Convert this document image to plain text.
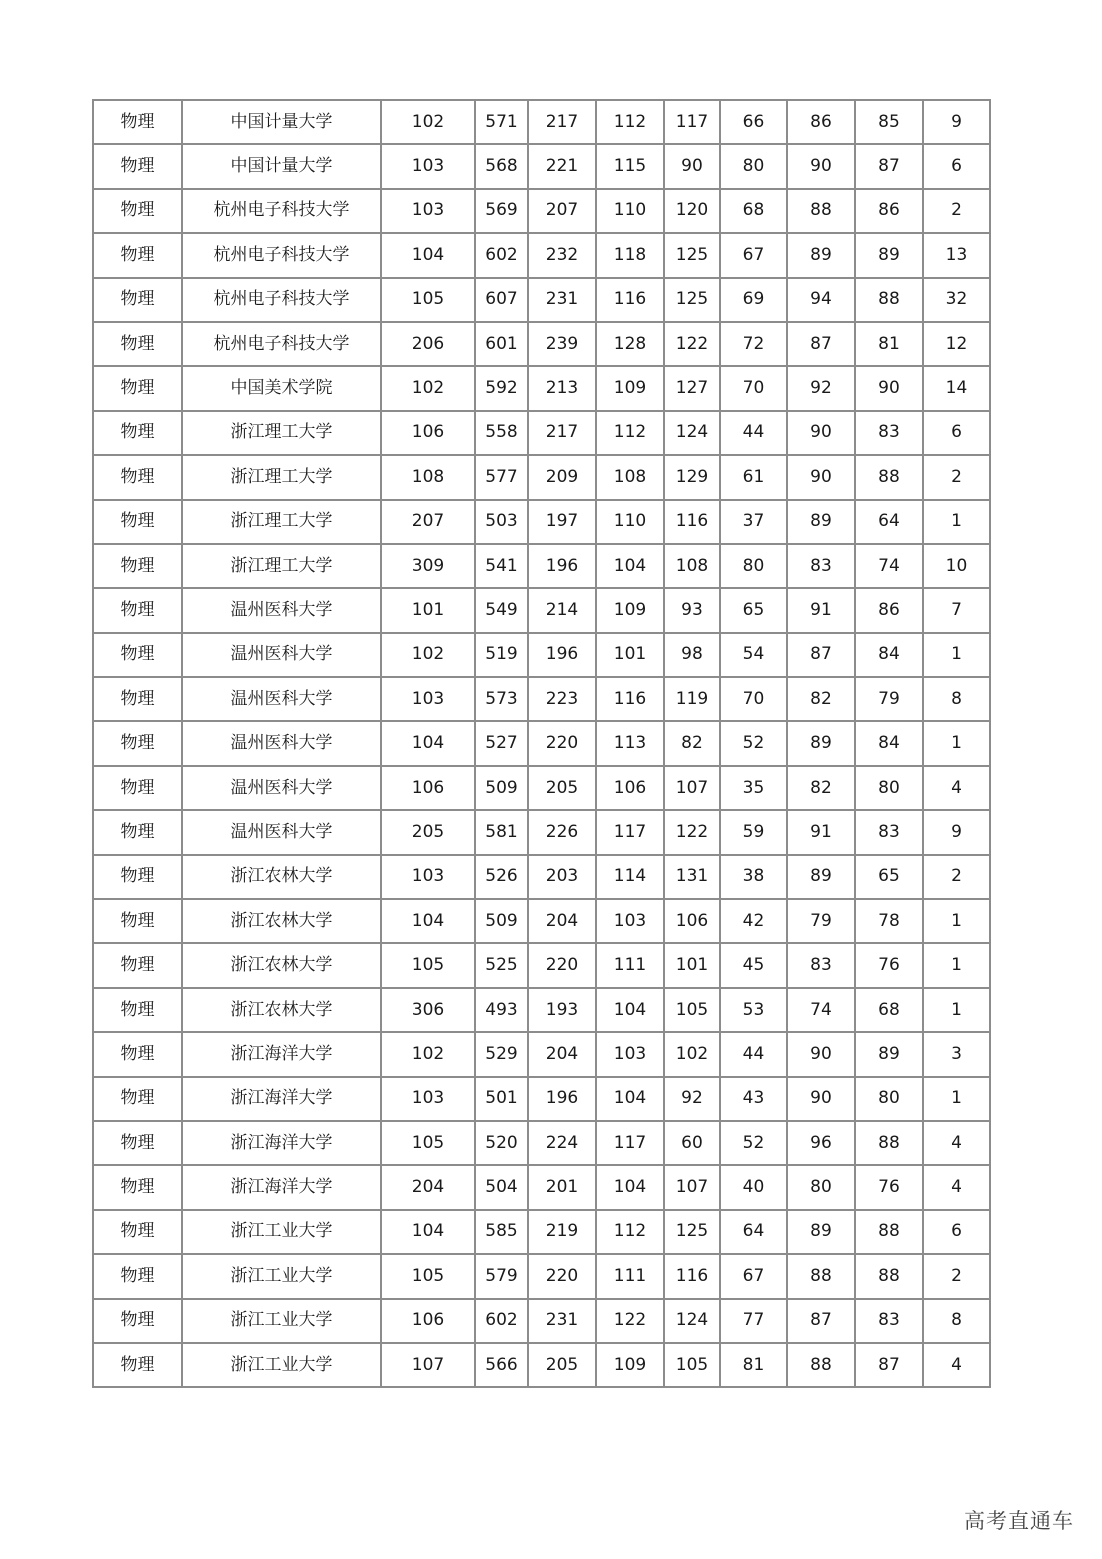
物理	中国计量大学	102	571	217	112	117	66	86	85	9
物理	中国计量大学	103	568	221	115	90	80	90	87	6
物理	杭州电子科技大学	103	569	207	110	120	68	88	86	2
物理	杭州电子科技大学	104	602	232	118	125	67	89	89	13
物理	杭州电子科技大学	105	607	231	116	125	69	94	88	32
物理	杭州电子科技大学	206	601	239	128	122	72	87	81	12
物理	中国美术学院	102	592	213	109	127	70	92	90	14
物理	浙江理工大学	106	558	217	112	124	44	90	83	6
物理	浙江理工大学	108	577	209	108	129	61	90	88	2
物理	浙江理工大学	207	503	197	110	116	37	89	64	1
物理	浙江理工大学	309	541	196	104	108	80	83	74	10
物理	温州医科大学	101	549	214	109	93	65	91	86	7
物理	温州医科大学	102	519	196	101	98	54	87	84	1
物理	温州医科大学	103	573	223	116	119	70	82	79	8
物理	温州医科大学	104	527	220	113	82	52	89	84	1
物理	温州医科大学	106	509	205	106	107	35	82	80	4
物理	温州医科大学	205	581	226	117	122	59	91	83	9
物理	浙江农林大学	103	526	203	114	131	38	89	65	2
物理	浙江农林大学	104	509	204	103	106	42	79	78	1
物理	浙江农林大学	105	525	220	111	101	45	83	76	1
物理	浙江农林大学	306	493	193	104	105	53	74	68	1
物理	浙江海洋大学	102	529	204	103	102	44	90	89	3
物理	浙江海洋大学	103	501	196	104	92	43	90	80	1
物理	浙江海洋大学	105	520	224	117	60	52	96	88	4
物理	浙江海洋大学	204	504	201	104	107	40	80	76	4
物理	浙江工业大学	104	585	219	112	125	64	89	88	6
物理	浙江工业大学	105	579	220	111	116	67	88	88	2
物理	浙江工业大学	106	602	231	122	124	77	87	83	8
物理	浙江工业大学	107	566	205	109	105	81	88	87	4
高考直通车
